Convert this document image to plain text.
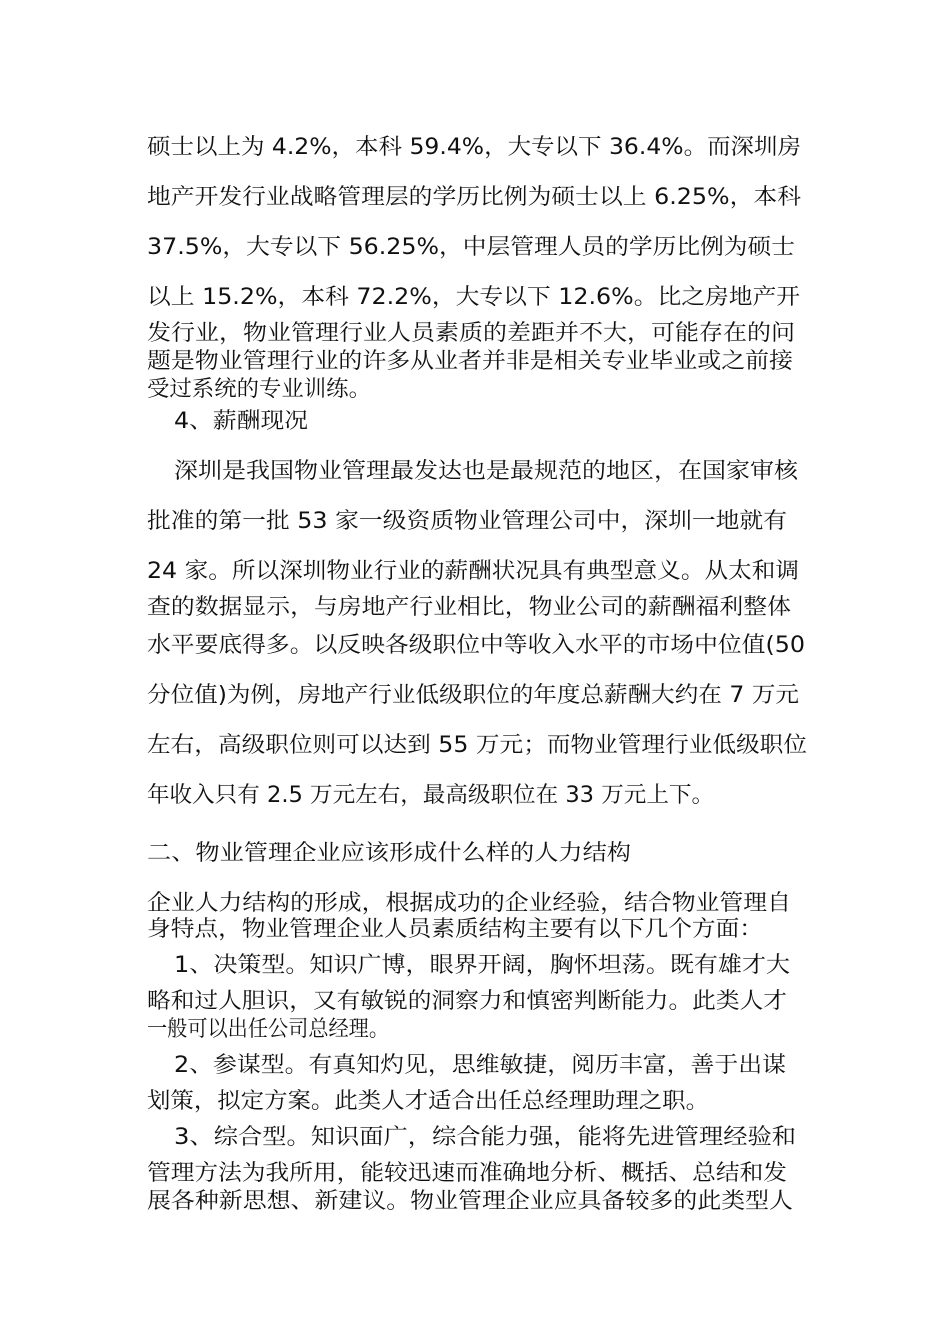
硕士以上为 4.2%，本科 59.4%，大专以下 36.4%。而深圳房
地产开发行业战略管理层的学历比例为硕士以上 6.25%，本科
37.5%，大专以下 56.25%，中层管理人员的学历比例为硕士
以上 15.2%，本科 72.2%，大专以下 12.6%。比之房地产开
发行业，物业管理行业人员素质的差距并不大，可能存在的问
题是物业管理行业的许多从业者并非是相关专业毕业或之前接
受过系统的专业训练。
4、薪酬现况
深圳是我国物业管理最发达也是最规范的地区，在国家审核
批准的第一批 53 家一级资质物业管理公司中，深圳一地就有
24 家。所以深圳物业行业的薪酬状况具有典型意义。从太和调
查的数据显示，与房地产行业相比，物业公司的薪酬福利整体
水平要底得多。以反映各级职位中等收入水平的市场中位值(50
分位值)为例，房地产行业低级职位的年度总薪酬大约在 7 万元
左右，高级职位则可以达到 55 万元；而物业管理行业低级职位
年收入只有 2.5 万元左右，最高级职位在 33 万元上下。
二、物业管理企业应该形成什么样的人力结构
企业人力结构的形成，根据成功的企业经验，结合物业管理自
身特点，物业管理企业人员素质结构主要有以下几个方面：
1、决策型。知识广博，眼界开阔，胸怀坦荡。既有雄才大
略和过人胆识，又有敏锐的洞察力和慎密判断能力。此类人才
一般可以出任公司总经理。
2、参谋型。有真知灼见，思维敏捷，阅历丰富，善于出谋
划策，拟定方案。此类人才适合出任总经理助理之职。
3、综合型。知识面广，综合能力强，能将先进管理经验和
管理方法为我所用，能较迅速而准确地分析、概括、总结和发
展各种新思想、新建议。物业管理企业应具备较多的此类型人
